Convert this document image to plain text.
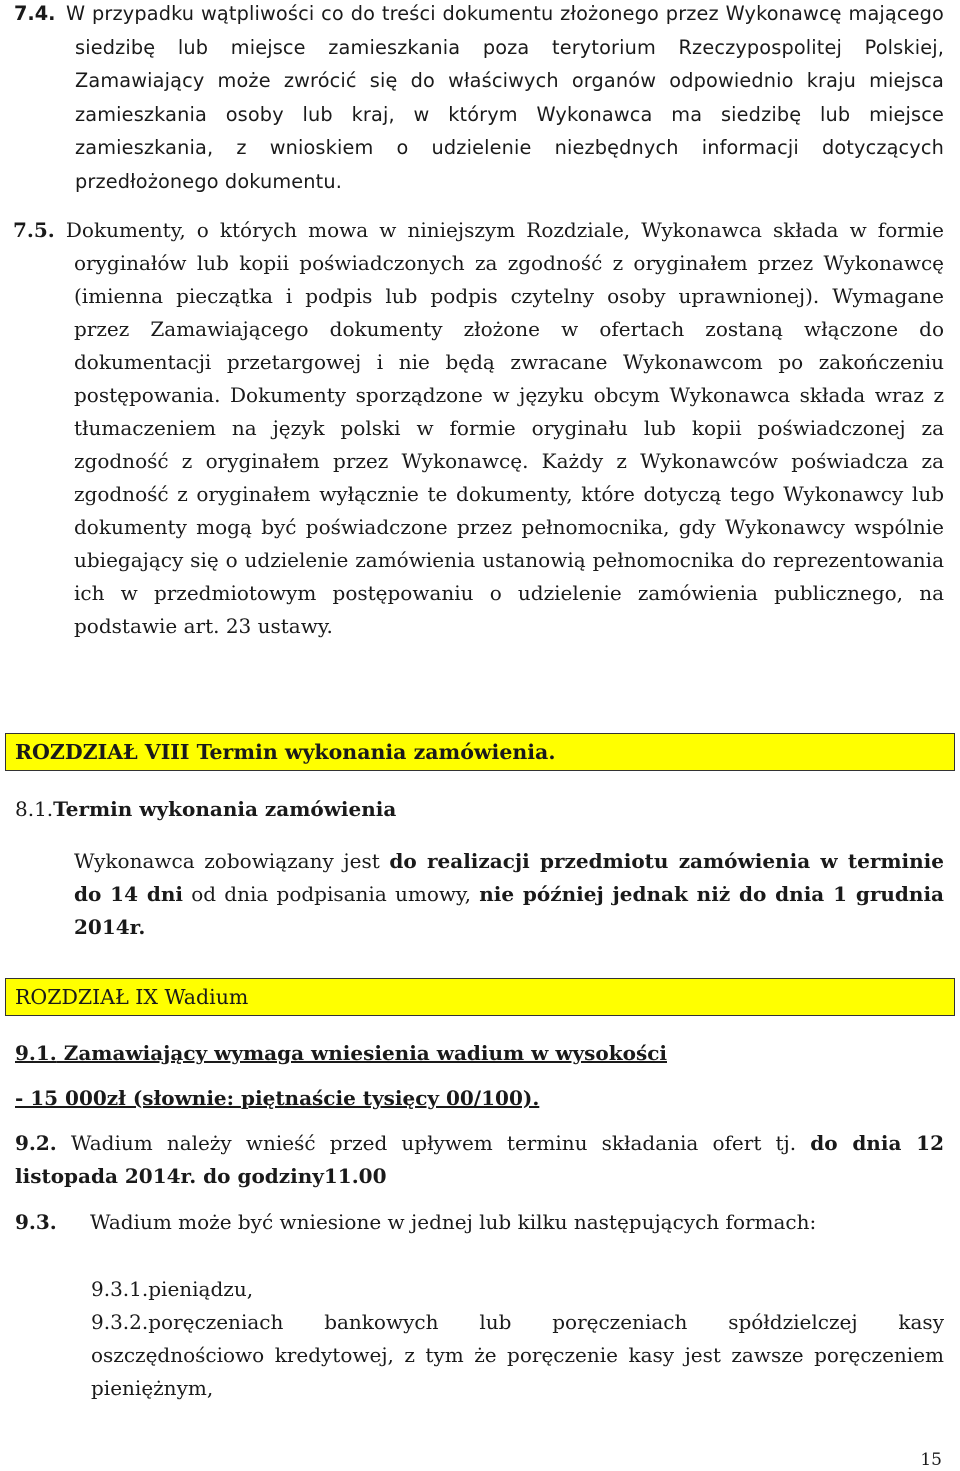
7.4. W przypadku wątpliwości co do treści dokumentu złożonego przez Wykonawcę mającego siedzibę lub miejsce zamieszkania poza terytorium Rzeczypospolitej Polskiej, Zamawiający może zwrócić się do właściwych organów odpowiednio kraju miejsca zamieszkania osoby lub kraj, w którym Wykonawca ma siedzibę lub miejsce zamieszkania, z wnioskiem o udzielenie niezbędnych informacji dotyczących przedłożonego dokumentu.

7.5. Dokumenty, o których mowa w niniejszym Rozdziale, Wykonawca składa w formie oryginałów lub kopii poświadczonych za zgodność z oryginałem przez Wykonawcę (imienna pieczątka i podpis lub podpis czytelny osoby uprawnionej). Wymagane przez Zamawiającego dokumenty złożone w ofertach zostaną włączone do dokumentacji przetargowej i nie będą zwracane Wykonawcom po zakończeniu postępowania. Dokumenty sporządzone w języku obcym Wykonawca składa wraz z tłumaczeniem na język polski w formie oryginału lub kopii poświadczonej za zgodność z oryginałem przez Wykonawcę. Każdy z Wykonawców poświadcza za zgodność z oryginałem wyłącznie te dokumenty, które dotyczą tego Wykonawcy lub dokumenty mogą być poświadczone przez pełnomocnika, gdy Wykonawcy wspólnie ubiegający się o udzielenie zamówienia ustanowią pełnomocnika do reprezentowania ich w przedmiotowym postępowaniu o udzielenie zamówienia publicznego, na podstawie art. 23 ustawy.

ROZDZIAŁ VIII Termin wykonania zamówienia.
8.1.Termin wykonania zamówienia

Wykonawca zobowiązany jest do realizacji przedmiotu zamówienia w terminie do 14 dni od dnia podpisania umowy, nie później jednak niż do dnia 1 grudnia 2014r.

ROZDZIAŁ IX Wadium
9.1. Zamawiający wymaga wniesienia wadium w wysokości
- 15 000zł (słownie: piętnaście tysięcy 00/100).

9.2. Wadium należy wnieść przed upływem terminu składania ofert tj. do dnia 12 listopada 2014r. do godziny11.00

9.3. Wadium może być wniesione w jednej lub kilku następujących formach:
9.3.1.pieniądzu,

9.3.2.poręczeniach bankowych lub poręczeniach spółdzielczej kasy oszczędnościowo kredytowej, z tym że poręczenie kasy jest zawsze poręczeniem pieniężnym,

15
